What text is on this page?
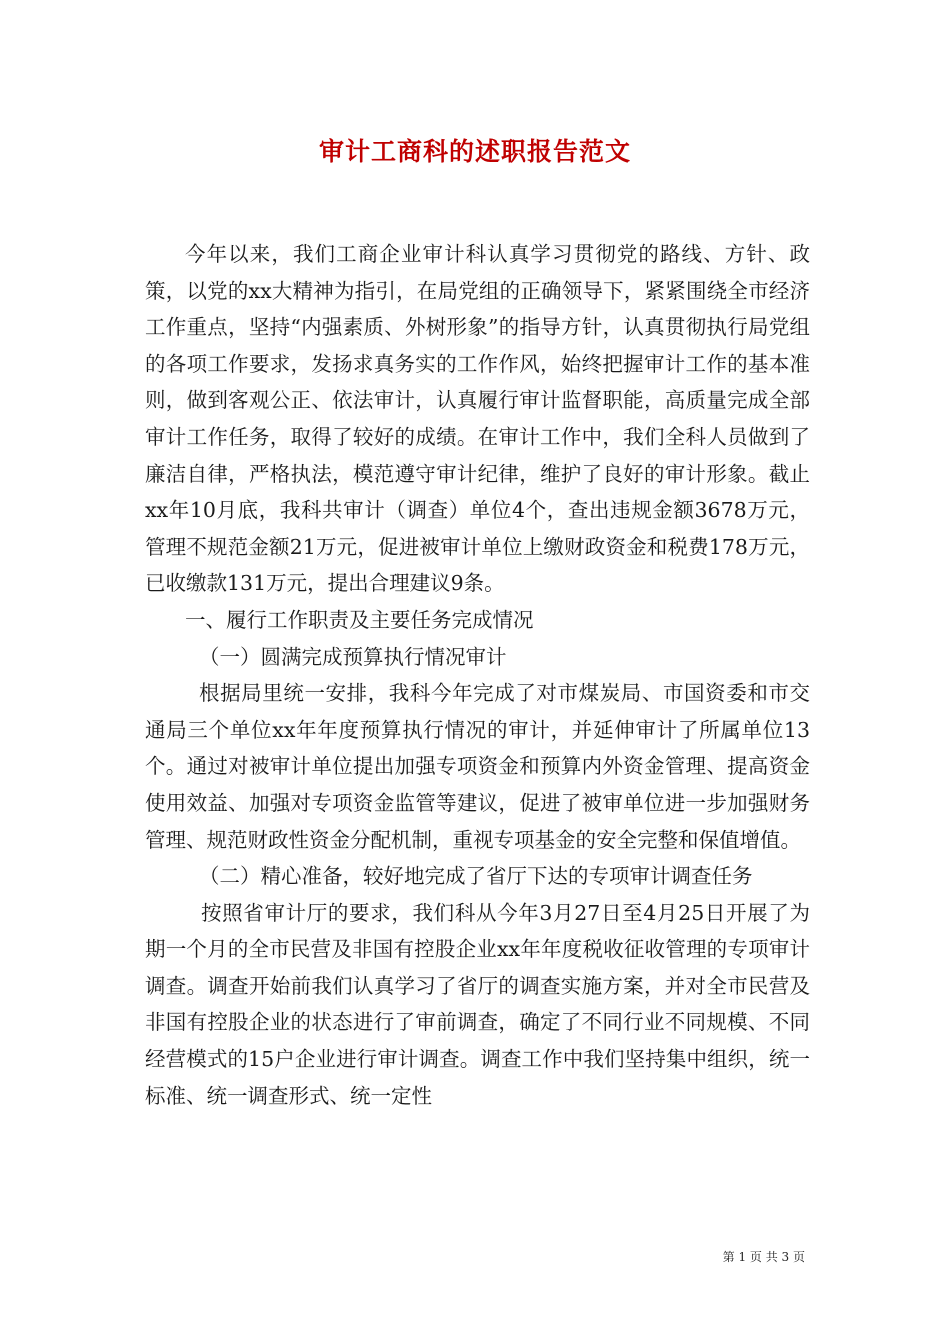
审计工商科的述职报告范文

今年以来，我们工商企业审计科认真学习贯彻党的路线、方针、政策，以党的xx大精神为指引，在局党组的正确领导下，紧紧围绕全市经济工作重点，坚持“内强素质、外树形象”的指导方针，认真贯彻执行局党组的各项工作要求，发扬求真务实的工作作风，始终把握审计工作的基本准则，做到客观公正、依法审计，认真履行审计监督职能，高质量完成全部审计工作任务，取得了较好的成绩。在审计工作中，我们全科人员做到了廉洁自律，严格执法，模范遵守审计纪律，维护了良好的审计形象。截止xx年10月底，我科共审计（调查）单位4个，查出违规金额3678万元，管理不规范金额21万元，促进被审计单位上缴财政资金和税费178万元，已收缴款131万元，提出合理建议9条。

一、履行工作职责及主要任务完成情况

（一）圆满完成预算执行情况审计

根据局里统一安排，我科今年完成了对市煤炭局、市国资委和市交通局三个单位xx年年度预算执行情况的审计，并延伸审计了所属单位13个。通过对被审计单位提出加强专项资金和预算内外资金管理、提高资金使用效益、加强对专项资金监管等建议，促进了被审单位进一步加强财务管理、规范财政性资金分配机制，重视专项基金的安全完整和保值增值。

（二）精心准备，较好地完成了省厅下达的专项审计调查任务

按照省审计厅的要求，我们科从今年3月27日至4月25日开展了为期一个月的全市民营及非国有控股企业xx年年度税收征收管理的专项审计调查。调查开始前我们认真学习了省厅的调查实施方案，并对全市民营及非国有控股企业的状态进行了审前调查，确定了不同行业不同规模、不同经营模式的15户企业进行审计调查。调查工作中我们坚持集中组织，统一标准、统一调查形式、统一定性

第 1 页 共 3 页
